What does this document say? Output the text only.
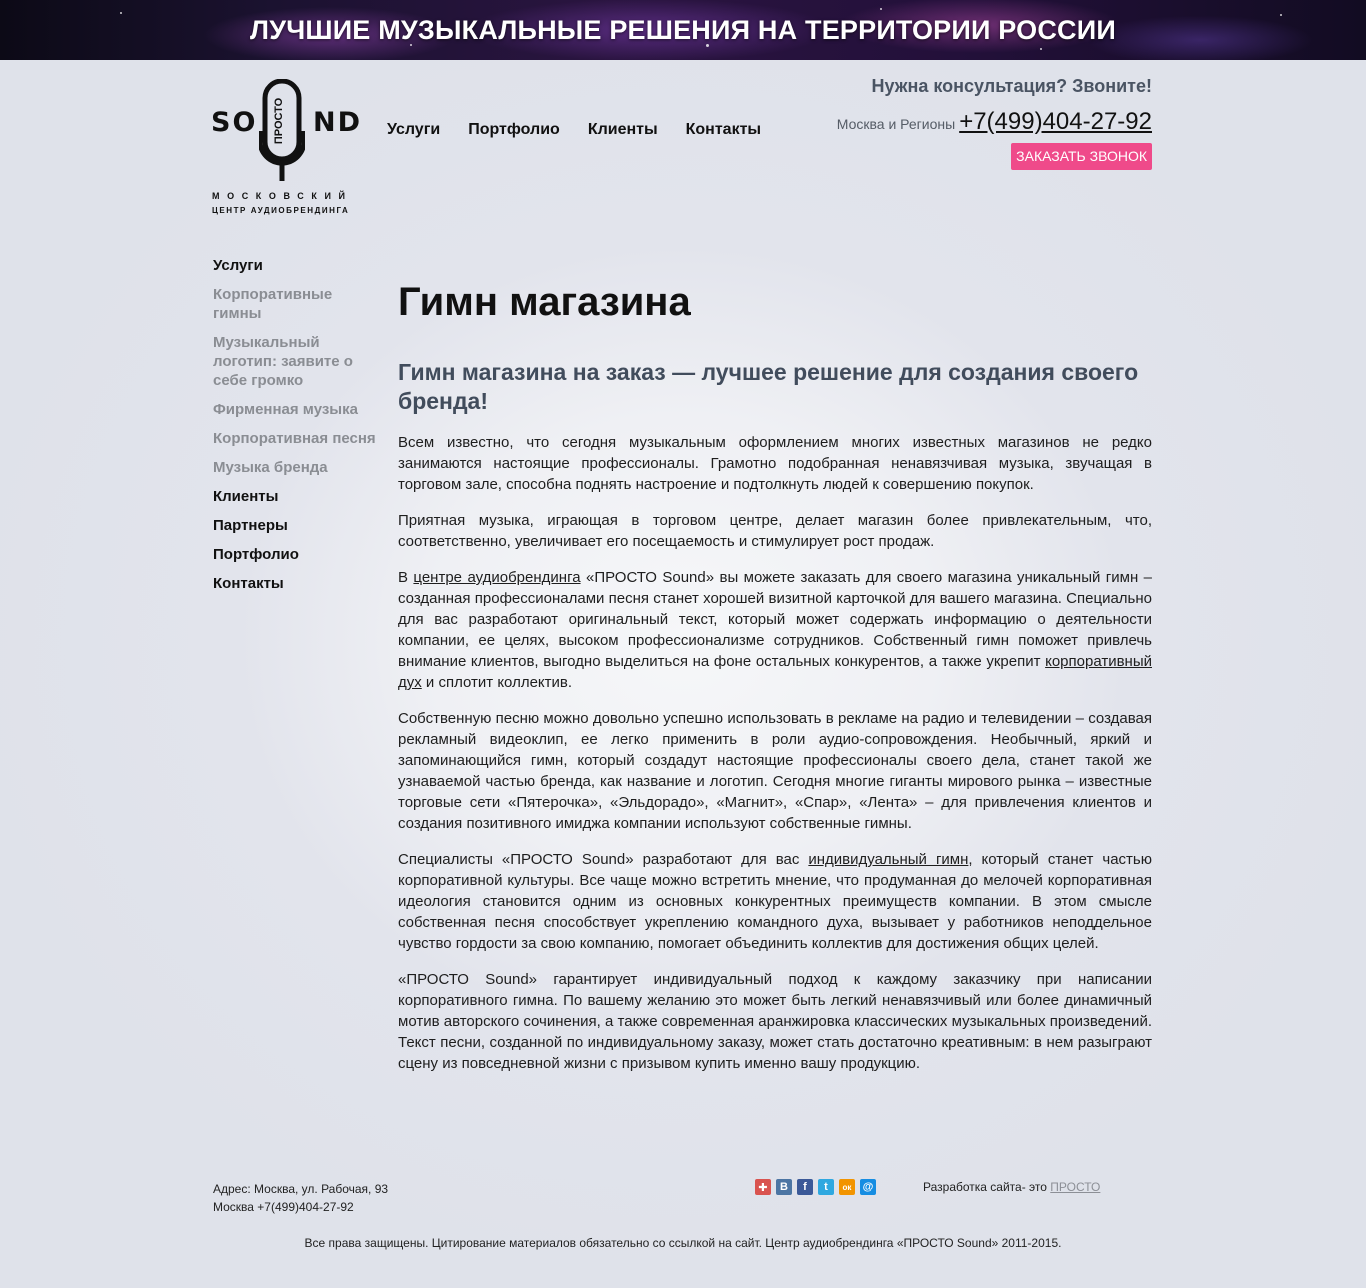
ЛУЧШИЕ МУЗЫКАЛЬНЫЕ РЕШЕНИЯ НА ТЕРРИТОРИИ РОССИИ
SO ПРОСТО ND
МОСКОВСКИЙ
ЦЕНТР АУДИОБРЕНДИНГА
Услуги Портфолио Клиенты Контакты
Нужна консультация? Звоните!
Москва и Регионы +7(499)404-27-92
ЗАКАЗАТЬ ЗВОНОК
Услуги
Корпоративные гимны
Музыкальный логотип: заявите о себе громко
Фирменная музыка
Корпоративная песня
Музыка бренда
Клиенты
Партнеры
Портфолио
Контакты
Гимн магазина
Гимн магазина на заказ — лучшее решение для создания своего бренда!

Всем известно, что сегодня музыкальным оформлением многих известных магазинов не редко занимаются настоящие профессионалы. Грамотно подобранная ненавязчивая музыка, звучащая в торговом зале, способна поднять настроение и подтолкнуть людей к совершению покупок.

Приятная музыка, играющая в торговом центре, делает магазин более привлекательным, что, соответственно, увеличивает его посещаемость и стимулирует рост продаж.

В центре аудиобрендинга «ПРОСТО Sound» вы можете заказать для своего магазина уникальный гимн – созданная профессионалами песня станет хорошей визитной карточкой для вашего магазина. Специально для вас разработают оригинальный текст, который может содержать информацию о деятельности компании, ее целях, высоком профессионализме сотрудников. Собственный гимн поможет привлечь внимание клиентов, выгодно выделиться на фоне остальных конкурентов, а также укрепит корпоративный дух и сплотит коллектив.

Собственную песню можно довольно успешно использовать в рекламе на радио и телевидении – создавая рекламный видеоклип, ее легко применить в роли аудио-сопровождения. Необычный, яркий и запоминающийся гимн, который создадут настоящие профессионалы своего дела, станет такой же узнаваемой частью бренда, как название и логотип. Сегодня многие гиганты мирового рынка – известные торговые сети «Пятерочка», «Эльдорадо», «Магнит», «Спар», «Лента» – для привлечения клиентов и создания позитивного имиджа компании используют собственные гимны.

Специалисты «ПРОСТО Sound» разработают для вас индивидуальный гимн, который станет частью корпоративной культуры. Все чаще можно встретить мнение, что продуманная до мелочей корпоративная идеология становится одним из основных конкурентных преимуществ компании. В этом смысле собственная песня способствует укреплению командного духа, вызывает у работников неподдельное чувство гордости за свою компанию, помогает объединить коллектив для достижения общих целей.

«ПРОСТО Sound» гарантирует индивидуальный подход к каждому заказчику при написании корпоративного гимна. По вашему желанию это может быть легкий ненавязчивый или более динамичный мотив авторского сочинения, а также современная аранжировка классических музыкальных произведений. Текст песни, созданной по индивидуальному заказу, может стать достаточно креативным: в нем разыграют сцену из повседневной жизни с призывом купить именно вашу продукцию.

Адрес: Москва, ул. Рабочая, 93
Москва +7(499)404-27-92
✚	B	f	t	ок	@	Разработка сайта- это ПРОСТО
Все права защищены. Цитирование материалов обязательно со ссылкой на сайт. Центр аудиобрендинга «ПРОСТО Sound» 2011-2015.
